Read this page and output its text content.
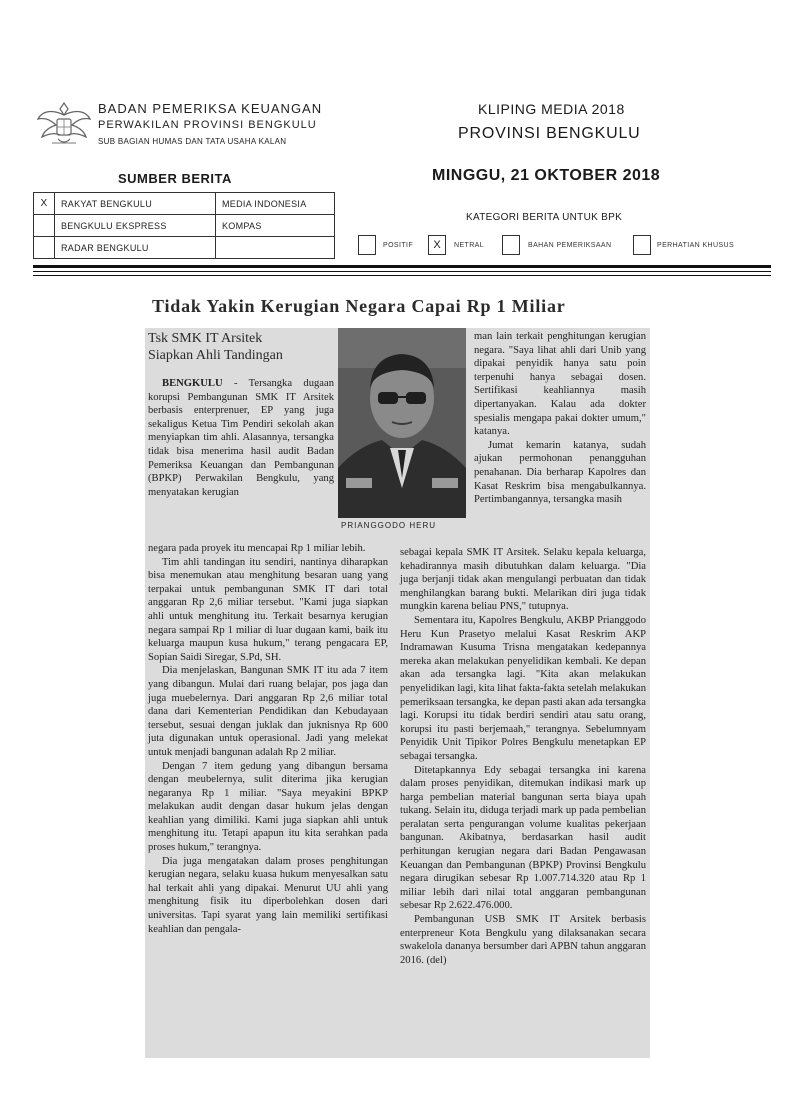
BADAN PEMERIKSA KEUANGAN
PERWAKILAN PROVINSI BENGKULU
SUB BAGIAN HUMAS DAN TATA USAHA KALAN
KLIPING MEDIA 2018
PROVINSI BENGKULU
MINGGU, 21 OKTOBER 2018
SUMBER BERITA
X	RAKYAT BENGKULU	MEDIA INDONESIA
	BENGKULU EKSPRESS	KOMPAS
	RADAR BENGKULU	
KATEGORI BERITA UNTUK BPK
POSITIF	X	NETRAL	BAHAN PEMERIKSAAN	PERHATIAN KHUSUS
Tidak Yakin Kerugian Negara Capai Rp 1 Miliar
Tsk SMK IT Arsitek
Siapkan Ahli Tandingan
PRIANGGODO HERU

BENGKULU - Tersangka dugaan korupsi Pembangunan SMK IT Arsitek berbasis enterprenuer, EP yang juga sekaligus Ketua Tim Pendiri sekolah akan menyiapkan tim ahli. Alasannya, tersangka tidak bisa menerima hasil audit Badan Pemeriksa Keuangan dan Pembangunan (BPKP) Perwakilan Bengkulu, yang menyatakan kerugian

negara pada proyek itu mencapai Rp 1 miliar lebih.

Tim ahli tandingan itu sendiri, nantinya diharapkan bisa menemukan atau menghitung besaran uang yang terpakai untuk pembangunan SMK IT dari total anggaran Rp 2,6 miliar tersebut. "Kami juga siapkan ahli untuk menghitung itu. Terkait besarnya kerugian negara sampai Rp 1 miliar di luar dugaan kami, baik itu keluarga maupun kusa hukum," terang pengacara EP, Sopian Saidi Siregar, S.Pd, SH.

Dia menjelaskan, Bangunan SMK IT itu ada 7 item yang dibangun. Mulai dari ruang belajar, pos jaga dan juga muebelernya. Dari anggaran Rp 2,6 miliar total dana dari Kementerian Pendidikan dan Kebudayaan tersebut, sesuai dengan juklak dan juknisnya Rp 600 juta digunakan untuk operasional. Jadi yang melekat untuk menjadi bangunan adalah Rp 2 miliar.

Dengan 7 item gedung yang dibangun bersama dengan meubelernya, sulit diterima jika kerugian negaranya Rp 1 miliar. "Saya meyakini BPKP melakukan audit dengan dasar hukum jelas dengan keahlian yang dimiliki. Kami juga siapkan ahli untuk menghitung itu. Tetapi apapun itu kita serahkan pada proses hukum," terangnya.

Dia juga mengatakan dalam proses penghitungan kerugian negara, selaku kuasa hukum menyesalkan satu hal terkait ahli yang dipakai. Menurut UU ahli yang menghitung fisik itu diperbolehkan dosen dari universitas. Tapi syarat yang lain memiliki sertifikasi keahlian dan pengala-

man lain terkait penghitungan kerugian negara. "Saya lihat ahli dari Unib yang dipakai penyidik hanya satu poin terpenuhi hanya sebagai dosen. Sertifikasi keahliannya masih dipertanyakan. Kalau ada dokter spesialis mengapa pakai dokter umum," katanya.

Jumat kemarin katanya, sudah ajukan permohonan penangguhan penahanan. Dia berharap Kapolres dan Kasat Reskrim bisa mengabulkannya. Pertimbangannya, tersangka masih

sebagai kepala SMK IT Arsitek. Selaku kepala keluarga, kehadirannya masih dibutuhkan dalam keluarga. "Dia juga berjanji tidak akan mengulangi perbuatan dan tidak menghilangkan barang bukti. Melarikan diri juga tidak mungkin karena beliau PNS," tutupnya.

Sementara itu, Kapolres Bengkulu, AKBP Prianggodo Heru Kun Prasetyo melalui Kasat Reskrim AKP Indramawan Kusuma Trisna mengatakan kedepannya mereka akan melakukan penyelidikan kembali. Ke depan akan ada tersangka lagi. "Kita akan melakukan penyelidikan lagi, kita lihat fakta-fakta setelah melakukan pemeriksaan tersangka, ke depan pasti akan ada tersangka lagi. Korupsi itu tidak berdiri sendiri atau satu orang, korupsi itu pasti berjemaah," terangnya. Sebelumnyam Penyidik Unit Tipikor Polres Bengkulu menetapkan EP sebagai tersangka.

Ditetapkannya Edy sebagai tersangka ini karena dalam proses penyidikan, ditemukan indikasi mark up harga pembelian material bangunan serta biaya upah tukang. Selain itu, diduga terjadi mark up pada pembelian peralatan serta pengurangan volume kualitas pekerjaan bangunan. Akibatnya, berdasarkan hasil audit perhitungan kerugian negara dari Badan Pengawasan Keuangan dan Pembangunan (BPKP) Provinsi Bengkulu negara dirugikan sebesar Rp 1.007.714.320 atau Rp 1 miliar lebih dari nilai total anggaran pembangunan sebesar Rp 2.622.476.000.

Pembangunan USB SMK IT Arsitek berbasis enterpreneur Kota Bengkulu yang dilaksanakan secara swakelola dananya bersumber dari APBN tahun anggaran 2016. (del)
